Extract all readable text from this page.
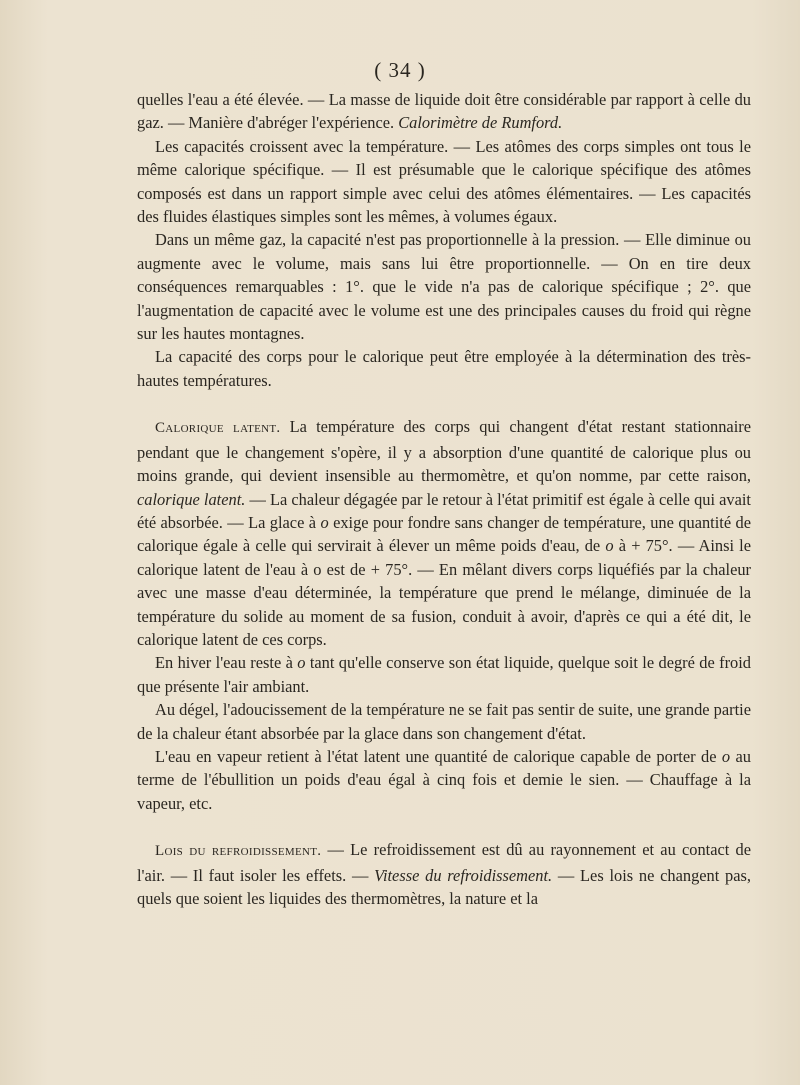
( 34 )

quelles l'eau a été élevée. — La masse de liquide doit être considérable par rapport à celle du gaz. — Manière d'abréger l'expérience. Calorimètre de Rumford.

Les capacités croissent avec la température. — Les atômes des corps simples ont tous le même calorique spécifique. — Il est présumable que le calorique spécifique des atômes composés est dans un rapport simple avec celui des atômes élémentaires. — Les capacités des fluides élastiques simples sont les mêmes, à volumes égaux.

Dans un même gaz, la capacité n'est pas proportionnelle à la pression. — Elle diminue ou augmente avec le volume, mais sans lui être proportionnelle. — On en tire deux conséquences remarquables : 1°. que le vide n'a pas de calorique spécifique ; 2°. que l'augmentation de capacité avec le volume est une des principales causes du froid qui règne sur les hautes montagnes.

La capacité des corps pour le calorique peut être employée à la détermination des très-hautes températures.

Calorique latent. La température des corps qui changent d'état restant stationnaire pendant que le changement s'opère, il y a absorption d'une quantité de calorique plus ou moins grande, qui devient insensible au thermomètre, et qu'on nomme, par cette raison, calorique latent. — La chaleur dégagée par le retour à l'état primitif est égale à celle qui avait été absorbée. — La glace à o exige pour fondre sans changer de température, une quantité de calorique égale à celle qui servirait à élever un même poids d'eau, de o à + 75°. — Ainsi le calorique latent de l'eau à o est de + 75°. — En mêlant divers corps liquéfiés par la chaleur avec une masse d'eau déterminée, la température que prend le mélange, diminuée de la température du solide au moment de sa fusion, conduit à avoir, d'après ce qui a été dit, le calorique latent de ces corps.

En hiver l'eau reste à o tant qu'elle conserve son état liquide, quelque soit le degré de froid que présente l'air ambiant.

Au dégel, l'adoucissement de la température ne se fait pas sentir de suite, une grande partie de la chaleur étant absorbée par la glace dans son changement d'état.

L'eau en vapeur retient à l'état latent une quantité de calorique capable de porter de o au terme de l'ébullition un poids d'eau égal à cinq fois et demie le sien. — Chauffage à la vapeur, etc.

Lois du refroidissement. — Le refroidissement est dû au rayonnement et au contact de l'air. — Il faut isoler les effets. — Vitesse du refroidissement. — Les lois ne changent pas, quels que soient les liquides des thermomètres, la nature et la
